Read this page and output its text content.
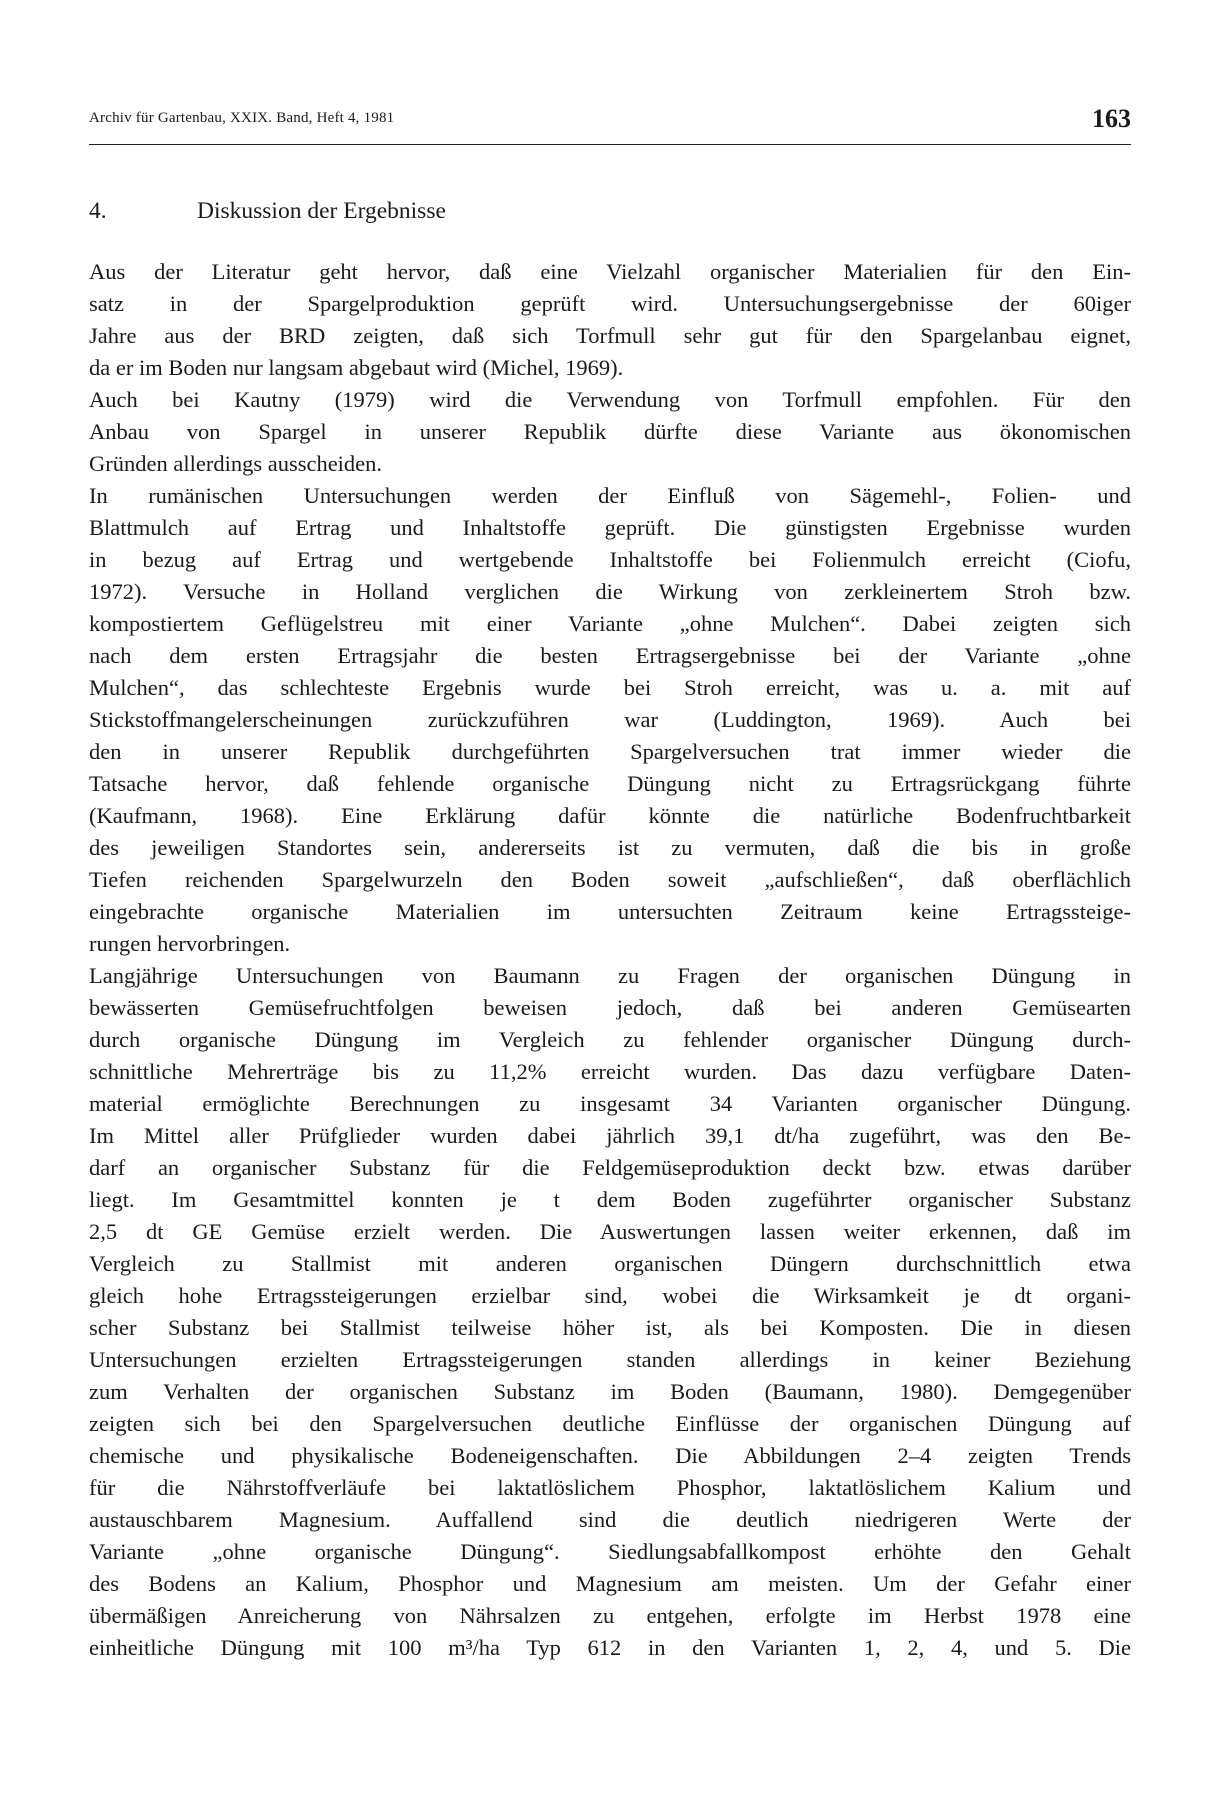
Archiv für Gartenbau, XXIX. Band, Heft 4, 1981	163
4.	Diskussion der Ergebnisse
Aus der Literatur geht hervor, daß eine Vielzahl organischer Materialien für den Ein-
satz in der Spargelproduktion geprüft wird. Untersuchungsergebnisse der 60iger
Jahre aus der BRD zeigten, daß sich Torfmull sehr gut für den Spargelanbau eignet,
da er im Boden nur langsam abgebaut wird (Michel, 1969).
Auch bei Kautny (1979) wird die Verwendung von Torfmull empfohlen. Für den
Anbau von Spargel in unserer Republik dürfte diese Variante aus ökonomischen
Gründen allerdings ausscheiden.
In rumänischen Untersuchungen werden der Einfluß von Sägemehl-, Folien- und
Blattmulch auf Ertrag und Inhaltstoffe geprüft. Die günstigsten Ergebnisse wurden
in bezug auf Ertrag und wertgebende Inhaltstoffe bei Folienmulch erreicht (Ciofu,
1972). Versuche in Holland verglichen die Wirkung von zerkleinertem Stroh bzw.
kompostiertem Geflügelstreu mit einer Variante „ohne Mulchen“. Dabei zeigten sich
nach dem ersten Ertragsjahr die besten Ertragsergebnisse bei der Variante „ohne
Mulchen“, das schlechteste Ergebnis wurde bei Stroh erreicht, was u. a. mit auf
Stickstoffmangelerscheinungen zurückzuführen war (Luddington, 1969). Auch bei
den in unserer Republik durchgeführten Spargelversuchen trat immer wieder die
Tatsache hervor, daß fehlende organische Düngung nicht zu Ertragsrückgang führte
(Kaufmann, 1968). Eine Erklärung dafür könnte die natürliche Bodenfruchtbarkeit
des jeweiligen Standortes sein, andererseits ist zu vermuten, daß die bis in große
Tiefen reichenden Spargelwurzeln den Boden soweit „aufschließen“, daß oberflächlich
eingebrachte organische Materialien im untersuchten Zeitraum keine Ertragssteige-
rungen hervorbringen.
Langjährige Untersuchungen von Baumann zu Fragen der organischen Düngung in
bewässerten Gemüsefruchtfolgen beweisen jedoch, daß bei anderen Gemüsearten
durch organische Düngung im Vergleich zu fehlender organischer Düngung durch-
schnittliche Mehrerträge bis zu 11,2% erreicht wurden. Das dazu verfügbare Daten-
material ermöglichte Berechnungen zu insgesamt 34 Varianten organischer Düngung.
Im Mittel aller Prüfglieder wurden dabei jährlich 39,1 dt/ha zugeführt, was den Be-
darf an organischer Substanz für die Feldgemüseproduktion deckt bzw. etwas darüber
liegt. Im Gesamtmittel konnten je t dem Boden zugeführter organischer Substanz
2,5 dt GE Gemüse erzielt werden. Die Auswertungen lassen weiter erkennen, daß im
Vergleich zu Stallmist mit anderen organischen Düngern durchschnittlich etwa
gleich hohe Ertragssteigerungen erzielbar sind, wobei die Wirksamkeit je dt organi-
scher Substanz bei Stallmist teilweise höher ist, als bei Komposten. Die in diesen
Untersuchungen erzielten Ertragssteigerungen standen allerdings in keiner Beziehung
zum Verhalten der organischen Substanz im Boden (Baumann, 1980). Demgegenüber
zeigten sich bei den Spargelversuchen deutliche Einflüsse der organischen Düngung auf
chemische und physikalische Bodeneigenschaften. Die Abbildungen 2–4 zeigten Trends
für die Nährstoffverläufe bei laktatlöslichem Phosphor, laktatlöslichem Kalium und
austauschbarem Magnesium. Auffallend sind die deutlich niedrigeren Werte der
Variante „ohne organische Düngung“. Siedlungsabfallkompost erhöhte den Gehalt
des Bodens an Kalium, Phosphor und Magnesium am meisten. Um der Gefahr einer
übermäßigen Anreicherung von Nährsalzen zu entgehen, erfolgte im Herbst 1978 eine
einheitliche Düngung mit 100 m³/ha Typ 612 in den Varianten 1, 2, 4, und 5. Die
